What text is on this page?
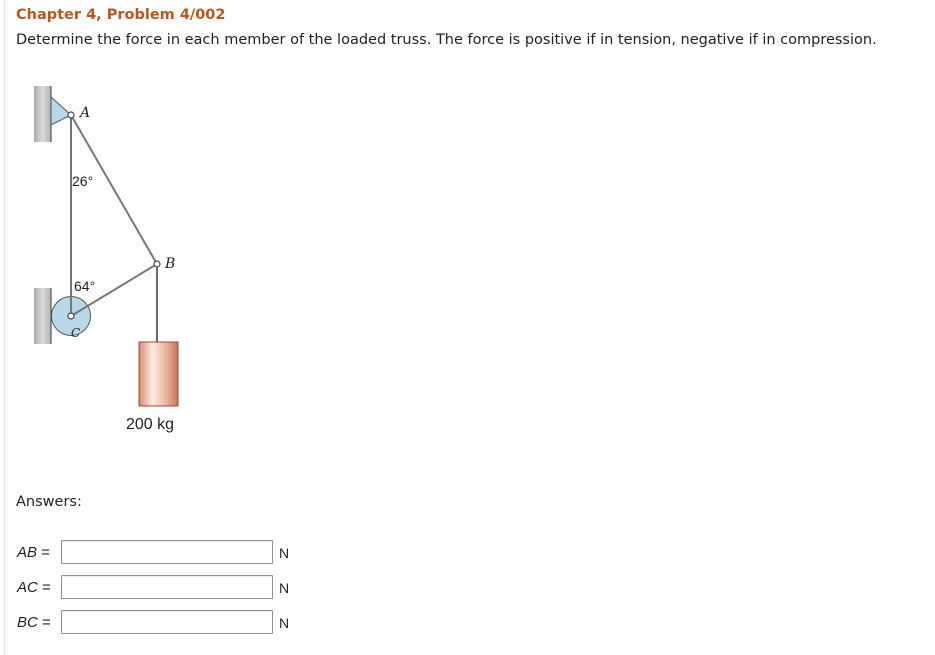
Chapter 4, Problem 4/002
Determine the force in each member of the loaded truss. The force is positive if in tension, negative if in compression.
A
B
C
26°
64°
200 kg
Answers:
AB =	N
AC =	N
BC =	N
